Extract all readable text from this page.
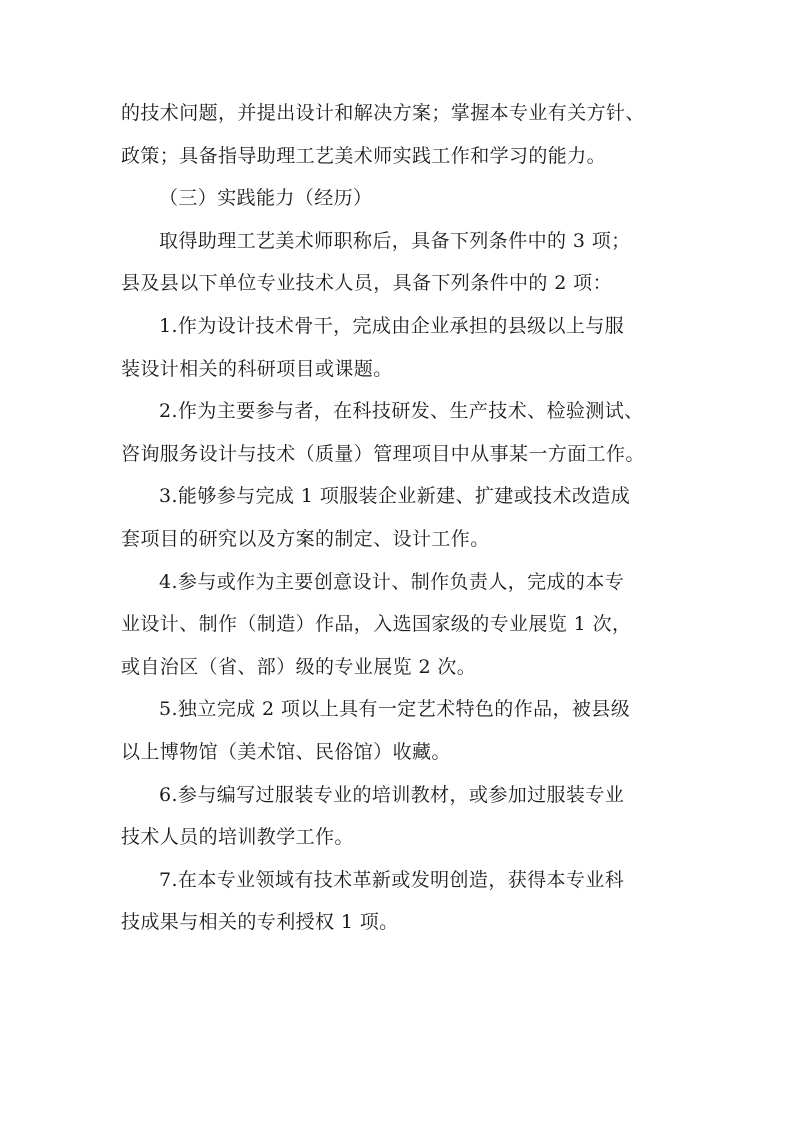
的技术问题，并提出设计和解决方案；掌握本专业有关方针、
政策；具备指导助理工艺美术师实践工作和学习的能力。

（三）实践能力（经历）

取得助理工艺美术师职称后，具备下列条件中的 3 项；
县及县以下单位专业技术人员，具备下列条件中的 2 项：

1.作为设计技术骨干，完成由企业承担的县级以上与服
装设计相关的科研项目或课题。

2.作为主要参与者，在科技研发、生产技术、检验测试、
咨询服务设计与技术（质量）管理项目中从事某一方面工作。

3.能够参与完成 1 项服装企业新建、扩建或技术改造成
套项目的研究以及方案的制定、设计工作。

4.参与或作为主要创意设计、制作负责人，完成的本专
业设计、制作（制造）作品，入选国家级的专业展览 1 次，
或自治区（省、部）级的专业展览 2 次。

5.独立完成 2 项以上具有一定艺术特色的作品，被县级
以上博物馆（美术馆、民俗馆）收藏。

6.参与编写过服装专业的培训教材，或参加过服装专业
技术人员的培训教学工作。

7.在本专业领域有技术革新或发明创造，获得本专业科
技成果与相关的专利授权 1 项。
